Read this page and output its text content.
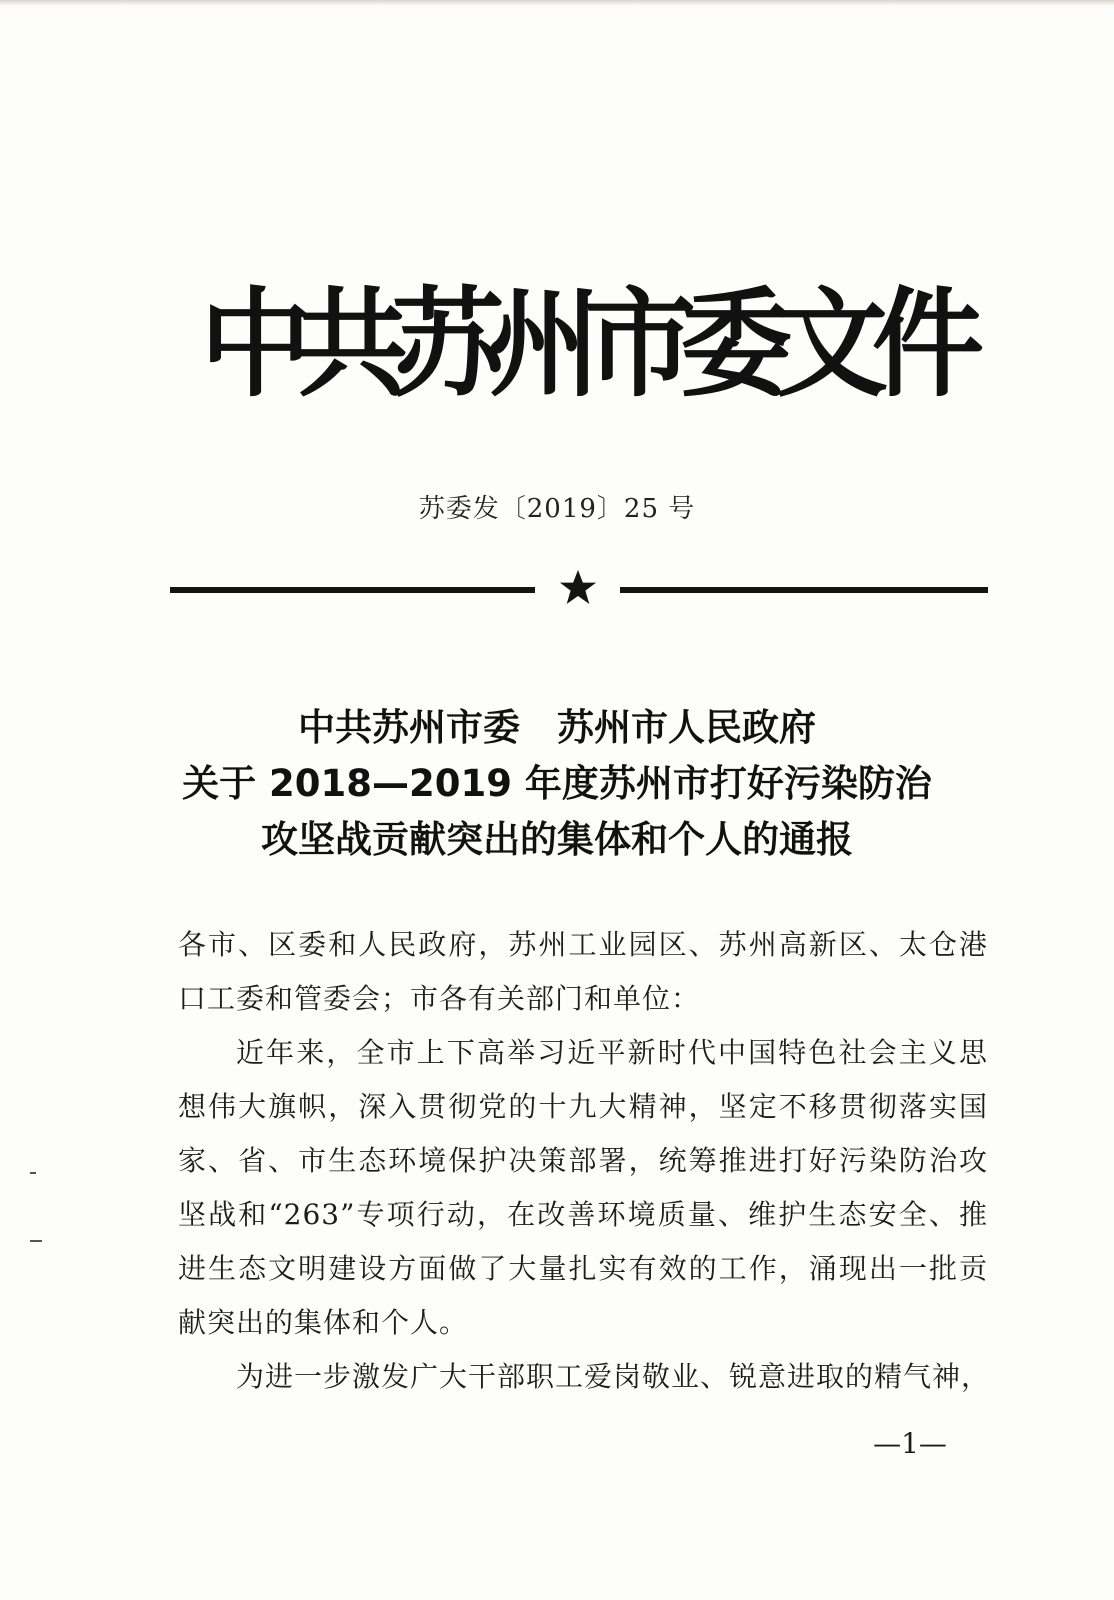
中
共
苏
州
市
委
文
件
苏委发〔2019〕25 号
中共苏州市委　苏州市人民政府
关于 2018—2019 年度苏州市打好污染防治
攻坚战贡献突出的集体和个人的通报
各市、区委和人民政府，苏州工业园区、苏州高新区、太仓港口工委和管委会；市各有关部门和单位：
近年来，全市上下高举习近平新时代中国特色社会主义思想伟大旗帜，深入贯彻党的十九大精神，坚定不移贯彻落实国家、省、市生态环境保护决策部署，统筹推进打好污染防治攻坚战和“263”专项行动，在改善环境质量、维护生态安全、推进生态文明建设方面做了大量扎实有效的工作，涌现出一批贡献突出的集体和个人。
为进一步激发广大干部职工爱岗敬业、锐意进取的精气神，
—1—
